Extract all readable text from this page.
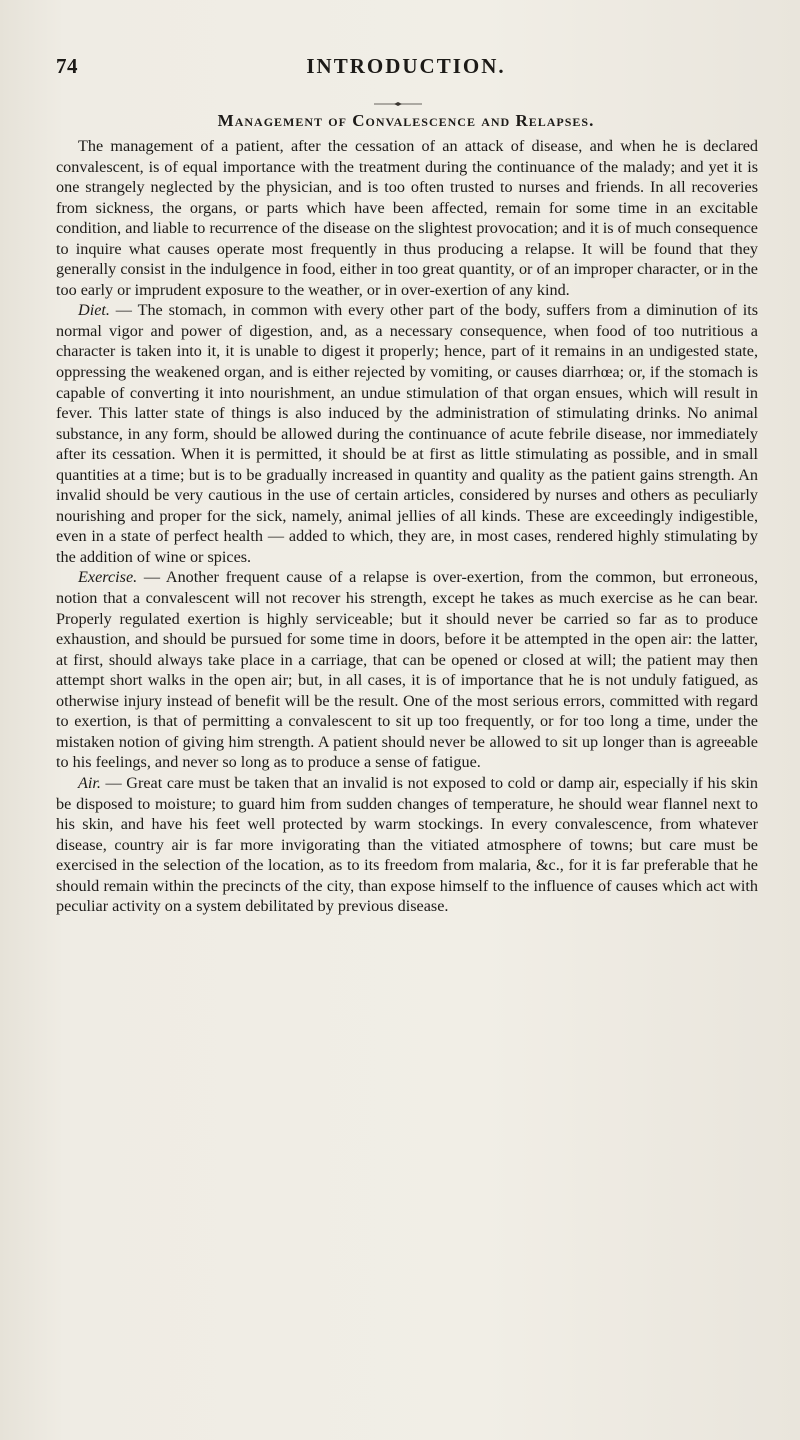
74	INTRODUCTION.
Management of Convalescence and Relapses.

The management of a patient, after the cessation of an attack of disease, and when he is declared convalescent, is of equal importance with the treatment during the continuance of the malady; and yet it is one strangely neglected by the physician, and is too often trusted to nurses and friends. In all recoveries from sickness, the organs, or parts which have been affected, remain for some time in an excitable condition, and liable to recurrence of the disease on the slightest provocation; and it is of much consequence to inquire what causes operate most frequently in thus producing a relapse. It will be found that they generally consist in the indulgence in food, either in too great quantity, or of an improper character, or in the too early or imprudent exposure to the weather, or in over-exertion of any kind.

Diet. — The stomach, in common with every other part of the body, suffers from a diminution of its normal vigor and power of digestion, and, as a necessary consequence, when food of too nutritious a character is taken into it, it is unable to digest it properly; hence, part of it remains in an undigested state, oppressing the weakened organ, and is either rejected by vomiting, or causes diarrhœa; or, if the stomach is capable of converting it into nourishment, an undue stimulation of that organ ensues, which will result in fever. This latter state of things is also induced by the administration of stimulating drinks. No animal substance, in any form, should be allowed during the continuance of acute febrile disease, nor immediately after its cessation. When it is permitted, it should be at first as little stimulating as possible, and in small quantities at a time; but is to be gradually increased in quantity and quality as the patient gains strength. An invalid should be very cautious in the use of certain articles, considered by nurses and others as peculiarly nourishing and proper for the sick, namely, animal jellies of all kinds. These are exceedingly indigestible, even in a state of perfect health — added to which, they are, in most cases, rendered highly stimulating by the addition of wine or spices.

Exercise. — Another frequent cause of a relapse is over-exertion, from the common, but erroneous, notion that a convalescent will not recover his strength, except he takes as much exercise as he can bear. Properly regulated exertion is highly serviceable; but it should never be carried so far as to produce exhaustion, and should be pursued for some time in doors, before it be attempted in the open air: the latter, at first, should always take place in a carriage, that can be opened or closed at will; the patient may then attempt short walks in the open air; but, in all cases, it is of importance that he is not unduly fatigued, as otherwise injury instead of benefit will be the result. One of the most serious errors, committed with regard to exertion, is that of permitting a convalescent to sit up too frequently, or for too long a time, under the mistaken notion of giving him strength. A patient should never be allowed to sit up longer than is agreeable to his feelings, and never so long as to produce a sense of fatigue.

Air. — Great care must be taken that an invalid is not exposed to cold or damp air, especially if his skin be disposed to moisture; to guard him from sudden changes of temperature, he should wear flannel next to his skin, and have his feet well protected by warm stockings. In every convalescence, from whatever disease, country air is far more invigorating than the vitiated atmosphere of towns; but care must be exercised in the selection of the location, as to its freedom from malaria, &c., for it is far preferable that he should remain within the precincts of the city, than expose himself to the influence of causes which act with peculiar activity on a system debilitated by previous disease.
